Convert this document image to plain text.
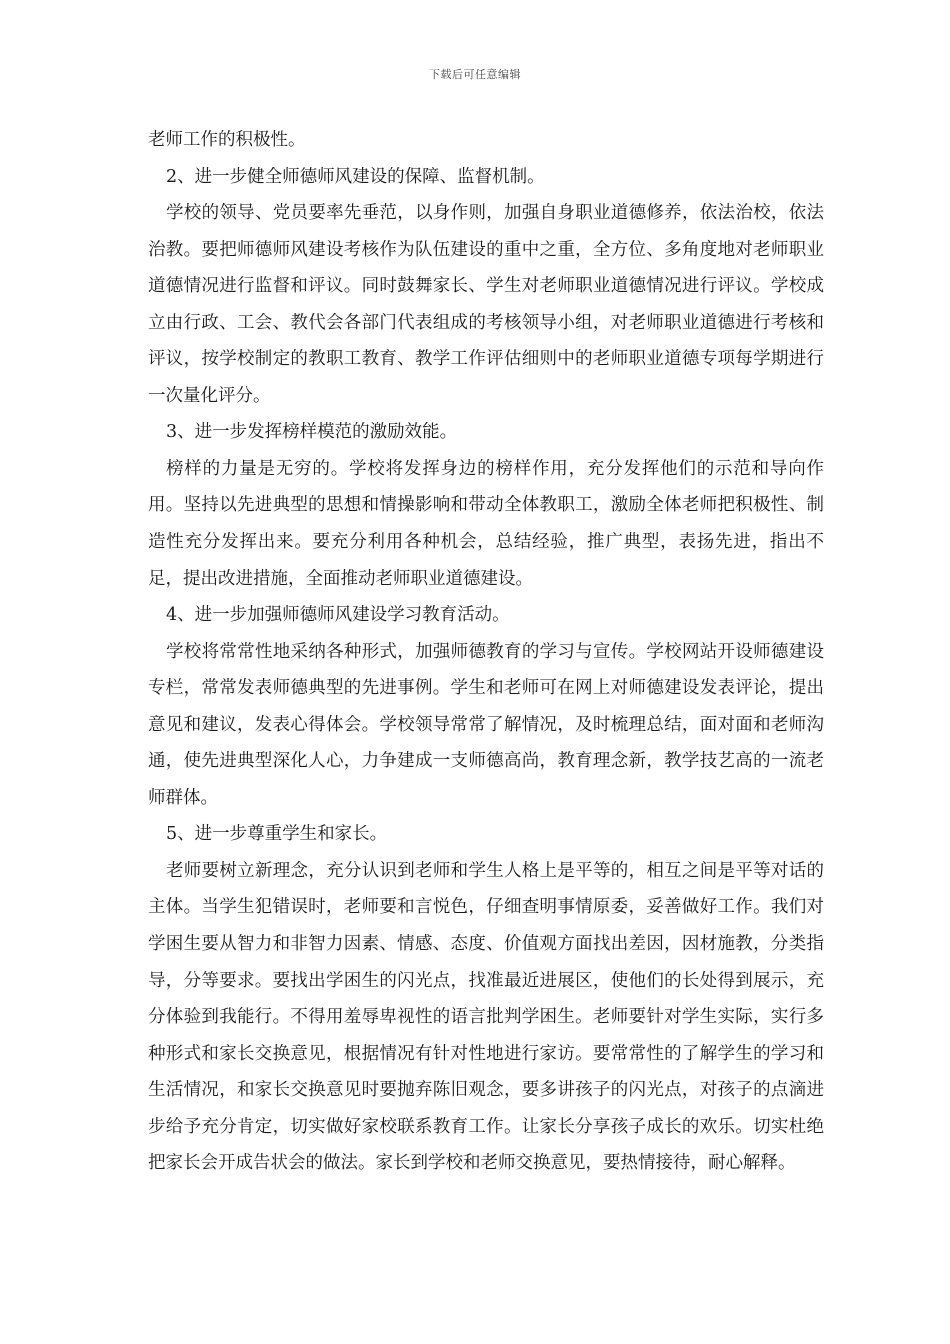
下载后可任意编辑

老师工作的积极性。

2、进一步健全师德师风建设的保障、监督机制。

学校的领导、党员要率先垂范，以身作则，加强自身职业道德修养，依法治校，依法治教。要把师德师风建设考核作为队伍建设的重中之重，全方位、多角度地对老师职业道德情况进行监督和评议。同时鼓舞家长、学生对老师职业道德情况进行评议。学校成立由行政、工会、教代会各部门代表组成的考核领导小组，对老师职业道德进行考核和评议，按学校制定的教职工教育、教学工作评估细则中的老师职业道德专项每学期进行一次量化评分。

3、进一步发挥榜样模范的激励效能。

榜样的力量是无穷的。学校将发挥身边的榜样作用，充分发挥他们的示范和导向作用。坚持以先进典型的思想和情操影响和带动全体教职工，激励全体老师把积极性、制造性充分发挥出来。要充分利用各种机会，总结经验，推广典型，表扬先进，指出不足，提出改进措施，全面推动老师职业道德建设。

4、进一步加强师德师风建设学习教育活动。

学校将常常性地采纳各种形式，加强师德教育的学习与宣传。学校网站开设师德建设专栏，常常发表师德典型的先进事例。学生和老师可在网上对师德建设发表评论，提出意见和建议，发表心得体会。学校领导常常了解情况，及时梳理总结，面对面和老师沟通，使先进典型深化人心，力争建成一支师德高尚，教育理念新，教学技艺高的一流老师群体。

5、进一步尊重学生和家长。

老师要树立新理念，充分认识到老师和学生人格上是平等的，相互之间是平等对话的主体。当学生犯错误时，老师要和言悦色，仔细查明事情原委，妥善做好工作。我们对学困生要从智力和非智力因素、情感、态度、价值观方面找出差因，因材施教，分类指导，分等要求。要找出学困生的闪光点，找准最近进展区，使他们的长处得到展示，充分体验到我能行。不得用羞辱卑视性的语言批判学困生。老师要针对学生实际，实行多种形式和家长交换意见，根据情况有针对性地进行家访。要常常性的了解学生的学习和生活情况，和家长交换意见时要抛弃陈旧观念，要多讲孩子的闪光点，对孩子的点滴进步给予充分肯定，切实做好家校联系教育工作。让家长分享孩子成长的欢乐。切实杜绝把家长会开成告状会的做法。家长到学校和老师交换意见，要热情接待，耐心解释。
